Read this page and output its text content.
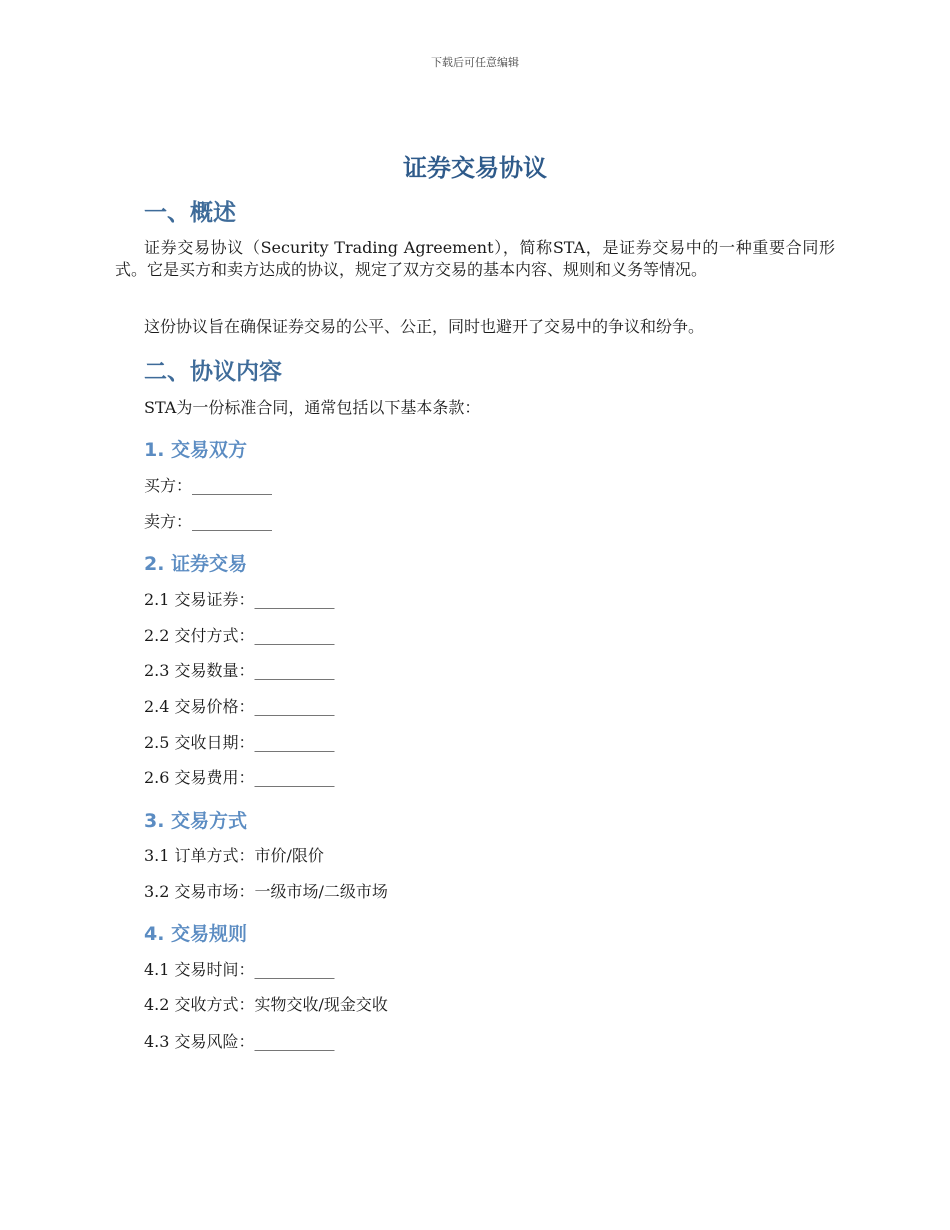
下载后可任意编辑
证券交易协议
一、概述

证券交易协议（Security Trading Agreement），简称STA，是证券交易中的一种重要合同形式。它是买方和卖方达成的协议，规定了双方交易的基本内容、规则和义务等情况。

这份协议旨在确保证券交易的公平、公正，同时也避开了交易中的争议和纷争。

二、协议内容

STA为一份标准合同，通常包括以下基本条款：

1. 交易双方

买方：__________

卖方：__________

2. 证券交易

2.1 交易证券：__________

2.2 交付方式：__________

2.3 交易数量：__________

2.4 交易价格：__________

2.5 交收日期：__________

2.6 交易费用：__________

3. 交易方式

3.1 订单方式：市价/限价

3.2 交易市场：一级市场/二级市场

4. 交易规则

4.1 交易时间：__________

4.2 交收方式：实物交收/现金交收

4.3 交易风险：__________
